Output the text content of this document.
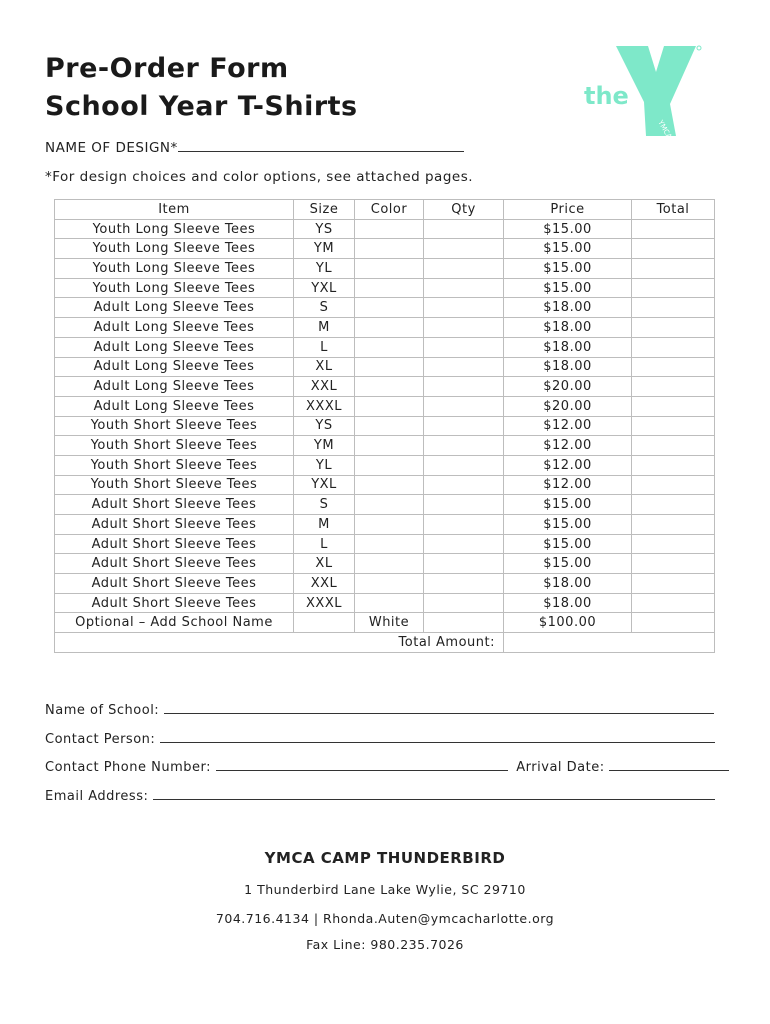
Pre-Order Form
School Year T-Shirts	the
YMCA
NAME OF DESIGN*
*For design choices and color options, see attached pages.
Item	Size	Color	Qty	Price	Total
Youth Long Sleeve Tees	YS			$15.00	
Youth Long Sleeve Tees	YM			$15.00	
Youth Long Sleeve Tees	YL			$15.00	
Youth Long Sleeve Tees	YXL			$15.00	
Adult Long Sleeve Tees	S			$18.00	
Adult Long Sleeve Tees	M			$18.00	
Adult Long Sleeve Tees	L			$18.00	
Adult Long Sleeve Tees	XL			$18.00	
Adult Long Sleeve Tees	XXL			$20.00	
Adult Long Sleeve Tees	XXXL			$20.00	
Youth Short Sleeve Tees	YS			$12.00	
Youth Short Sleeve Tees	YM			$12.00	
Youth Short Sleeve Tees	YL			$12.00	
Youth Short Sleeve Tees	YXL			$12.00	
Adult Short Sleeve Tees	S			$15.00	
Adult Short Sleeve Tees	M			$15.00	
Adult Short Sleeve Tees	L			$15.00	
Adult Short Sleeve Tees	XL			$15.00	
Adult Short Sleeve Tees	XXL			$18.00	
Adult Short Sleeve Tees	XXXL			$18.00	
Optional – Add School Name		White		$100.00	
		Total Amount:			
Name of School:
Contact Person:
Contact Phone Number:	Arrival Date:
Email Address:
YMCA CAMP THUNDERBIRD
1 Thunderbird Lane Lake Wylie, SC 29710
704.716.4134 | Rhonda.Auten@ymcacharlotte.org
Fax Line: 980.235.7026
